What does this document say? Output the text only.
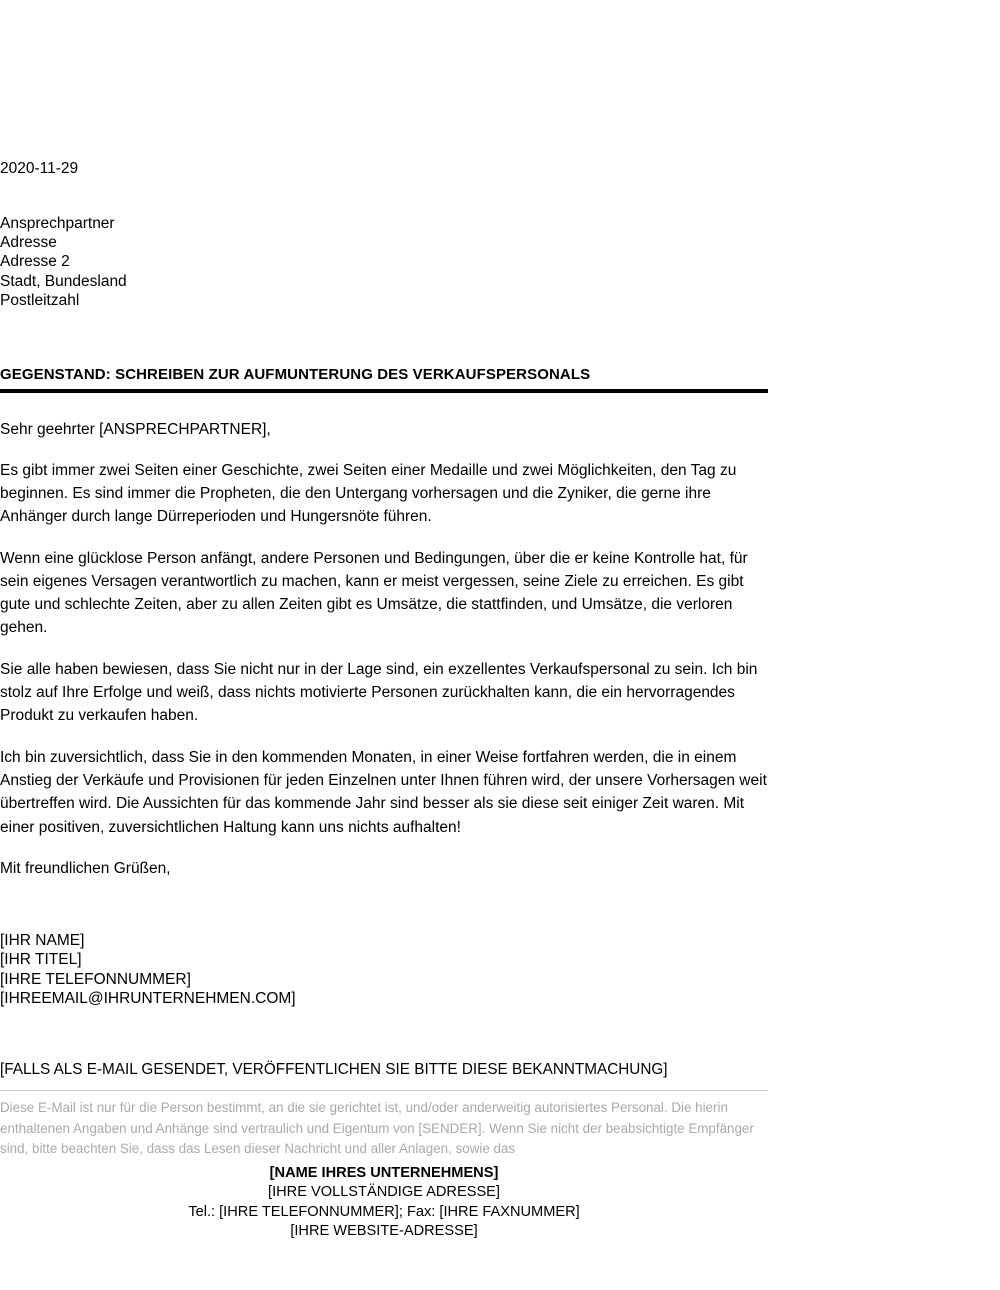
2020-11-29
Ansprechpartner
Adresse
Adresse 2
Stadt, Bundesland
Postleitzahl
GEGENSTAND: SCHREIBEN ZUR AUFMUNTERUNG DES VERKAUFSPERSONALS

Sehr geehrter [ANSPRECHPARTNER],

Es gibt immer zwei Seiten einer Geschichte, zwei Seiten einer Medaille und zwei Möglichkeiten, den Tag zu beginnen. Es sind immer die Propheten, die den Untergang vorhersagen und die Zyniker, die gerne ihre Anhänger durch lange Dürreperioden und Hungersnöte führen.

Wenn eine glücklose Person anfängt, andere Personen und Bedingungen, über die er keine Kontrolle hat, für sein eigenes Versagen verantwortlich zu machen, kann er meist vergessen, seine Ziele zu erreichen. Es gibt gute und schlechte Zeiten, aber zu allen Zeiten gibt es Umsätze, die stattfinden, und Umsätze, die verloren gehen.

Sie alle haben bewiesen, dass Sie nicht nur in der Lage sind, ein exzellentes Verkaufspersonal zu sein. Ich bin stolz auf Ihre Erfolge und weiß, dass nichts motivierte Personen zurückhalten kann, die ein hervorragendes Produkt zu verkaufen haben.

Ich bin zuversichtlich, dass Sie in den kommenden Monaten, in einer Weise fortfahren werden, die in einem Anstieg der Verkäufe und Provisionen für jeden Einzelnen unter Ihnen führen wird, der unsere Vorhersagen weit übertreffen wird. Die Aussichten für das kommende Jahr sind besser als sie diese seit einiger Zeit waren. Mit einer positiven, zuversichtlichen Haltung kann uns nichts aufhalten!

Mit freundlichen Grüßen,

[IHR NAME]
[IHR TITEL]
[IHRE TELEFONNUMMER]
[IHREEMAIL@IHRUNTERNEHMEN.COM]
[FALLS ALS E-MAIL GESENDET, VERÖFFENTLICHEN SIE BITTE DIESE BEKANNTMACHUNG]
Diese E-Mail ist nur für die Person bestimmt, an die sie gerichtet ist, und/oder anderweitig autorisiertes Personal. Die hierin enthaltenen Angaben und Anhänge sind vertraulich und Eigentum von [SENDER]. Wenn Sie nicht der beabsichtigte Empfänger sind, bitte beachten Sie, dass das Lesen dieser Nachricht und aller Anlagen, sowie das
[NAME IHRES UNTERNEHMENS]
[IHRE VOLLSTÄNDIGE ADRESSE]
Tel.: [IHRE TELEFONNUMMER]; Fax: [IHRE FAXNUMMER]
[IHRE WEBSITE-ADRESSE]
